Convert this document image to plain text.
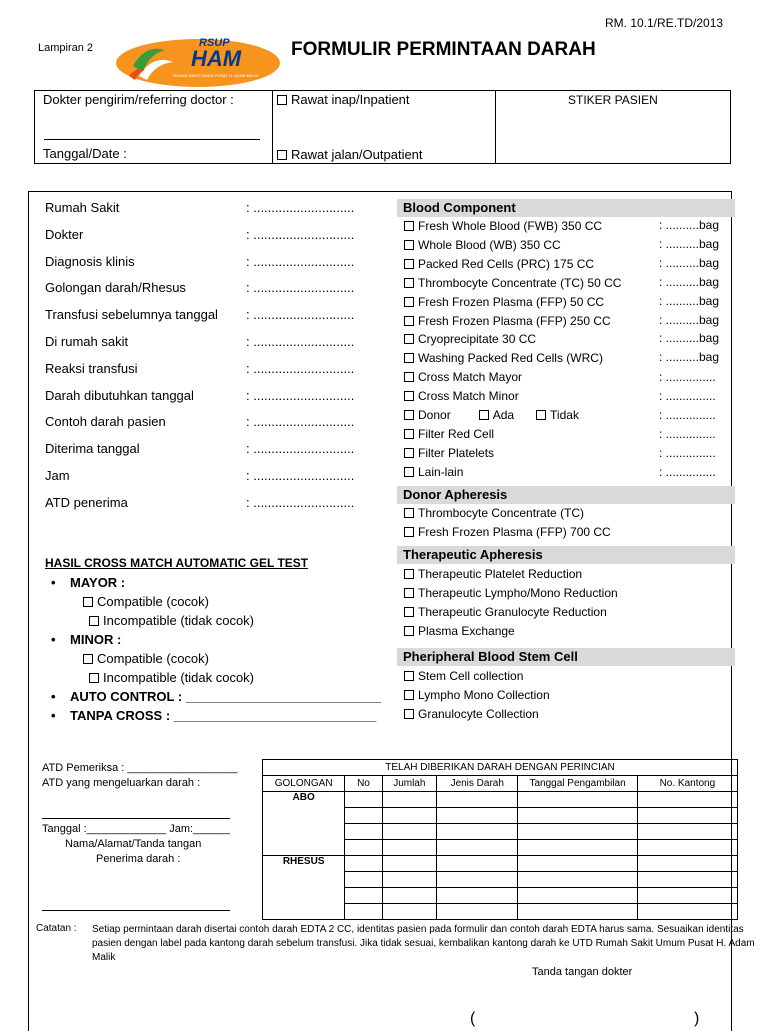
RM. 10.1/RE.TD/2013
Lampiran 2	RSUP
HAM
RUMAH SAKIT UMUM PUSAT H. ADAM MALIK
FORMULIR PERMINTAAN DARAH
Dokter pengirim/referring doctor :
Tanggal/Date :
Rawat inap/Inpatient
Rawat jalan/Outpatient
STIKER PASIEN
Rumah Sakit	: ............................
Dokter	: ............................
Diagnosis klinis	: ............................
Golongan darah/Rhesus	: ............................
Transfusi sebelumnya tanggal : ............................
Di rumah sakit	: ............................
Reaksi transfusi	: ............................
Darah dibutuhkan tanggal	: ............................
Contoh darah pasien	: ............................
Diterima tanggal	: ............................
Jam	: ............................
ATD penerima	: ............................
HASIL CROSS MATCH AUTOMATIC GEL TEST
•    MAYOR :
Compatible (cocok)
Incompatible (tidak cocok)
•    MINOR :
Compatible (cocok)
Incompatible (tidak cocok)
•    AUTO CONTROL : ___________________________
•    TANPA CROSS : ____________________________
Blood Component
Fresh Whole Blood (FWB) 350 CC	: ..........bag
Whole Blood (WB) 350 CC	: ..........bag
Packed Red Cells (PRC) 175 CC	: ..........bag
Thrombocyte Concentrate (TC) 50 CC	: ..........bag
Fresh Frozen Plasma (FFP) 50 CC	: ..........bag
Fresh Frozen Plasma (FFP) 250 CC	: ..........bag
Cryoprecipitate 30 CC	: ..........bag
Washing Packed Red Cells (WRC)	: ..........bag
Cross Match Mayor	: ...............
Cross Match Minor	: ...............
Donor	Ada	Tidak	: ...............
Filter Red Cell	: ...............
Filter Platelets	: ...............
Lain-lain	: ...............
Donor Apheresis
Thrombocyte Concentrate (TC)
Fresh Frozen Plasma (FFP) 700 CC
Therapeutic Apheresis
Therapeutic Platelet Reduction
Therapeutic Lympho/Mono Reduction
Therapeutic Granulocyte Reduction
Plasma Exchange
Pheripheral Blood Stem Cell
Stem Cell collection
Lympho Mono Collection
Granulocyte Collection
ATD Pemeriksa : __________________
ATD yang mengeluarkan darah :
Tanggal :_____________ Jam:______
Nama/Alamat/Tanda tangan
Penerima darah :
TELAH DIBERIKAN DARAH DENGAN PERINCIAN					
GOLONGAN	No	Jumlah	Jenis Darah	Tanggal Pengambilan	No. Kantong
ABO					

RHESUS					

Catatan : Setiap permintaan darah disertai contoh darah EDTA 2 CC, identitas pasien pada formulir dan contoh darah EDTA harus sama. Sesuaikan identitas pasien dengan label pada kantong darah sebelum transfusi. Jika tidak sesuai, kembalikan kantong darah ke UTD Rumah Sakit Umum Pusat H. Adam Malik
Tanda tangan dokter
(	)
